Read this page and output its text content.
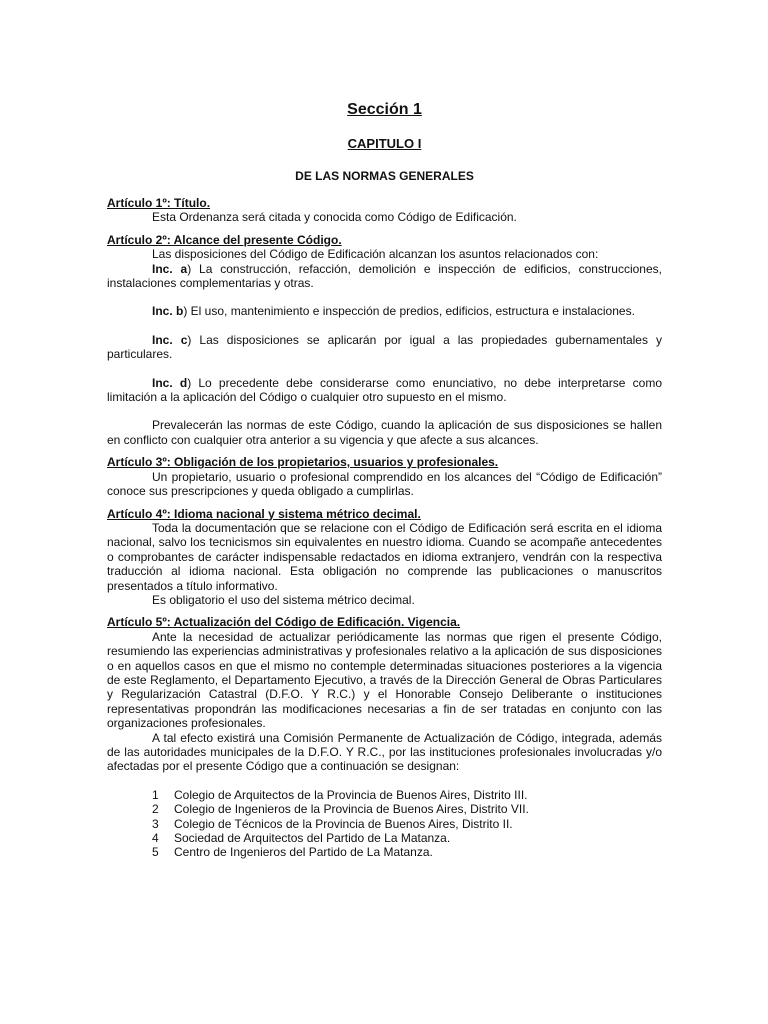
Sección 1
CAPITULO I
DE LAS NORMAS GENERALES

Artículo 1º: Título.

Esta Ordenanza será citada y conocida como Código de Edificación.

Artículo 2º: Alcance del presente Código.

Las disposiciones del Código de Edificación alcanzan los asuntos relacionados con:

Inc. a) La construcción, refacción, demolición e inspección de edificios, construcciones, instalaciones complementarias y otras.

Inc. b) El uso, mantenimiento e inspección de predios, edificios, estructura e instalaciones.

Inc. c) Las disposiciones se aplicarán por igual a las propiedades gubernamentales y particulares.

Inc. d) Lo precedente debe considerarse como enunciativo, no debe interpretarse como limitación a la aplicación del Código o cualquier otro supuesto en el mismo.

Prevalecerán las normas de este Código, cuando la aplicación de sus disposiciones se hallen en conflicto con cualquier otra anterior a su vigencia y que afecte a sus alcances.

Artículo 3º: Obligación de los propietarios, usuarios y profesionales.

Un propietario, usuario o profesional comprendido en los alcances del “Código de Edificación” conoce sus prescripciones y queda obligado a cumplirlas.

Artículo 4º: Idioma nacional y sistema métrico decimal.

Toda la documentación que se relacione con el Código de Edificación será escrita en el idioma nacional, salvo los tecnicismos sin equivalentes en nuestro idioma. Cuando se acompañe antecedentes o comprobantes de carácter indispensable redactados en idioma extranjero, vendrán con la respectiva traducción al idioma nacional. Esta obligación no comprende las publicaciones o manuscritos presentados a título informativo.

Es obligatorio el uso del sistema métrico decimal.

Artículo 5º: Actualización del Código de Edificación. Vigencia.

Ante la necesidad de actualizar periódicamente las normas que rigen el presente Código, resumiendo las experiencias administrativas y profesionales relativo a la aplicación de sus disposiciones o en aquellos casos en que el mismo no contemple determinadas situaciones posteriores a la vigencia de este Reglamento, el Departamento Ejecutivo, a través de la Dirección General de Obras Particulares y Regularización Catastral (D.F.O. Y R.C.) y el Honorable Consejo Deliberante o instituciones representativas propondrán las modificaciones necesarias a fin de ser tratadas en conjunto con las organizaciones profesionales.

A tal efecto existirá una Comisión Permanente de Actualización de Código, integrada, además de las autoridades municipales de la D.F.O. Y R.C., por las instituciones profesionales involucradas y/o afectadas por el presente Código que a continuación se designan:

1	Colegio de Arquitectos de la Provincia de Buenos Aires, Distrito III.
2	Colegio de Ingenieros de la Provincia de Buenos Aires, Distrito VII.
3	Colegio de Técnicos de la Provincia de Buenos Aires, Distrito II.
4	Sociedad de Arquitectos del Partido de La Matanza.
5	Centro de Ingenieros del Partido de La Matanza.
